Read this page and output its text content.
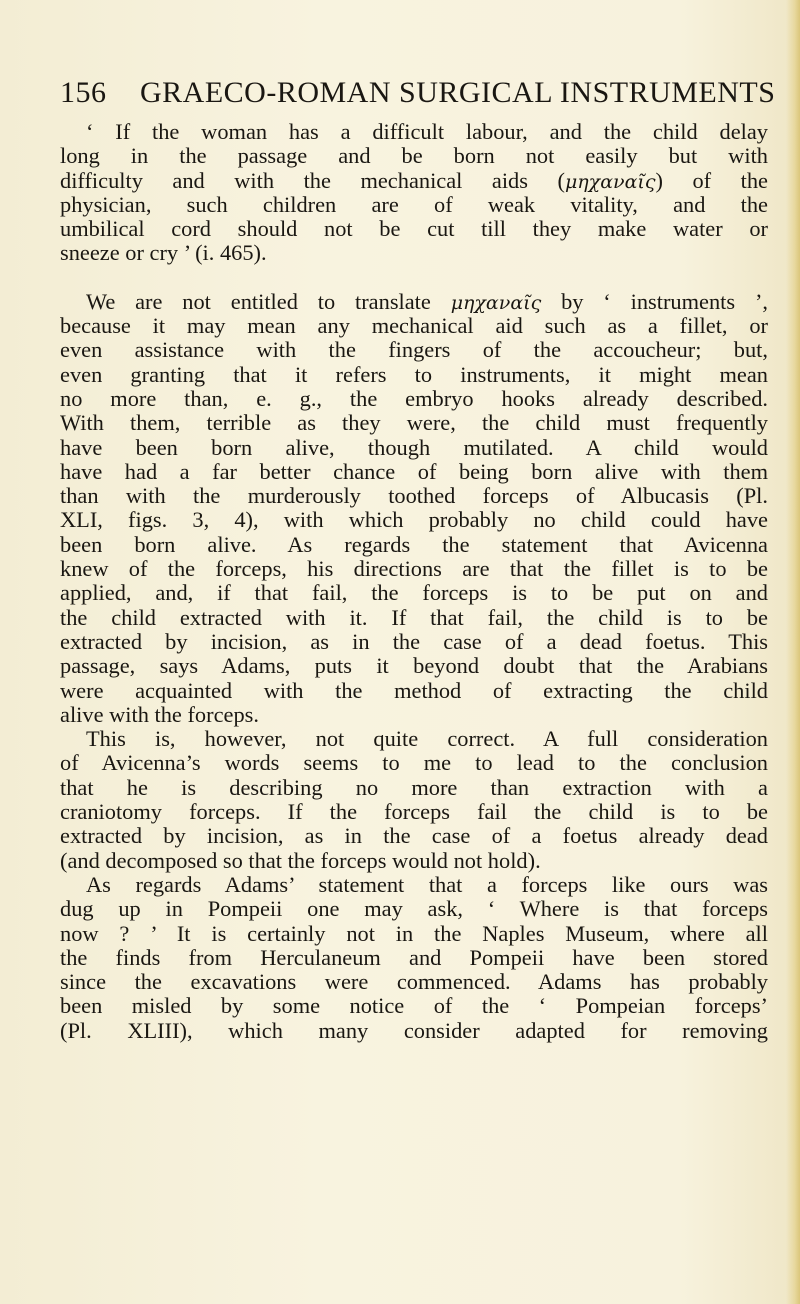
156 GRAECO-ROMAN SURGICAL INSTRUMENTS
‘ If the woman has a difficult labour, and the child delay
long in the passage and be born not easily but with
difficulty and with the mechanical aids (μηχαναῖς) of the
physician, such children are of weak vitality, and the
umbilical cord should not be cut till they make water or
sneeze or cry ’ (i. 465).
We are not entitled to translate μηχαναῖς by ‘ instruments ’,
because it may mean any mechanical aid such as a fillet, or
even assistance with the fingers of the accoucheur; but,
even granting that it refers to instruments, it might mean
no more than, e. g., the embryo hooks already described.
With them, terrible as they were, the child must frequently
have been born alive, though mutilated. A child would
have had a far better chance of being born alive with them
than with the murderously toothed forceps of Albucasis (Pl.
XLI, figs. 3, 4), with which probably no child could have
been born alive. As regards the statement that Avicenna
knew of the forceps, his directions are that the fillet is to be
applied, and, if that fail, the forceps is to be put on and
the child extracted with it. If that fail, the child is to be
extracted by incision, as in the case of a dead foetus. This
passage, says Adams, puts it beyond doubt that the Arabians
were acquainted with the method of extracting the child
alive with the forceps.
This is, however, not quite correct. A full consideration
of Avicenna’s words seems to me to lead to the conclusion
that he is describing no more than extraction with a
craniotomy forceps. If the forceps fail the child is to be
extracted by incision, as in the case of a foetus already dead
(and decomposed so that the forceps would not hold).
As regards Adams’ statement that a forceps like ours was
dug up in Pompeii one may ask, ‘ Where is that forceps
now ? ’ It is certainly not in the Naples Museum, where all
the finds from Herculaneum and Pompeii have been stored
since the excavations were commenced. Adams has probably
been misled by some notice of the ‘ Pompeian forceps’
(Pl. XLIII), which many consider adapted for removing
